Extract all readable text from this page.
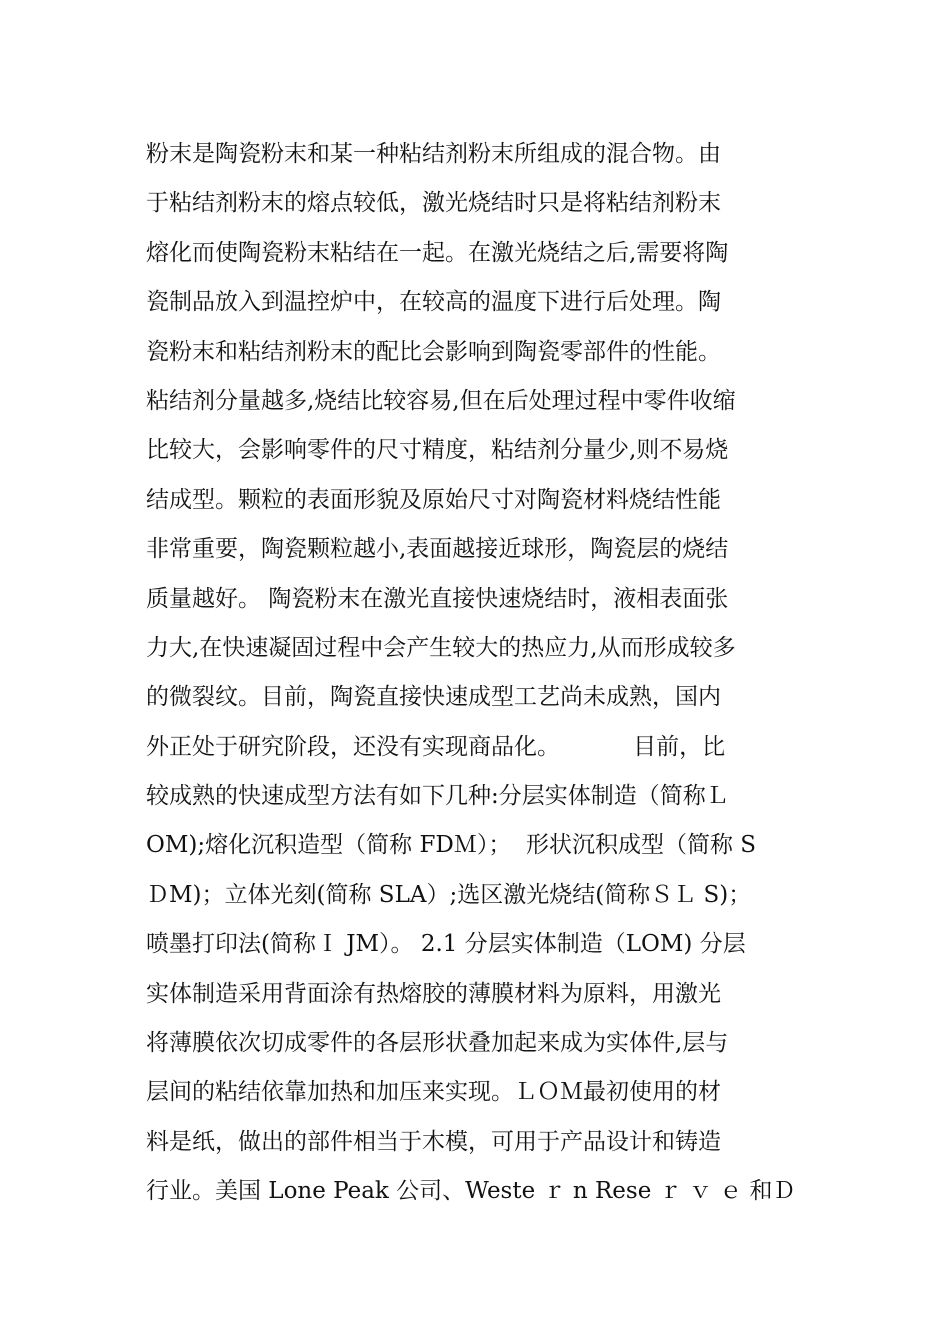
粉末是陶瓷粉末和某一种粘结剂粉末所组成的混合物。由
于粘结剂粉末的熔点较低，激光烧结时只是将粘结剂粉末
熔化而使陶瓷粉末粘结在一起。在激光烧结之后,需要将陶
瓷制品放入到温控炉中，在较高的温度下进行后处理。陶
瓷粉末和粘结剂粉末的配比会影响到陶瓷零部件的性能。
粘结剂分量越多,烧结比较容易,但在后处理过程中零件收缩
比较大，会影响零件的尺寸精度，粘结剂分量少,则不易烧
结成型。颗粒的表面形貌及原始尺寸对陶瓷材料烧结性能
非常重要，陶瓷颗粒越小,表面越接近球形，陶瓷层的烧结
质量越好。 陶瓷粉末在激光直接快速烧结时，液相表面张
力大,在快速凝固过程中会产生较大的热应力,从而形成较多
的微裂纹。目前，陶瓷直接快速成型工艺尚未成熟，国内
外正处于研究阶段，还没有实现商品化。          目前，比
较成熟的快速成型方法有如下几种:分层实体制造（简称Ｌ
OM);熔化沉积造型（简称 FDＭ）；  形状沉积成型（简称 S
ＤM)；立体光刻(简称 SLA）;选区激光烧结(简称ＳＬ S)；
喷墨打印法(简称Ｉ JM）。 2.1 分层实体制造（LOM) 分层
实体制造采用背面涂有热熔胶的薄膜材料为原料，用激光
将薄膜依次切成零件的各层形状叠加起来成为实体件,层与
层间的粘结依靠加热和加压来实现。ＬＯＭ最初使用的材
料是纸，做出的部件相当于木模，可用于产品设计和铸造
行业。美国 Lone Peak 公司、Weste ｒ n Rese ｒ ｖ ｅ 和Ｄ
